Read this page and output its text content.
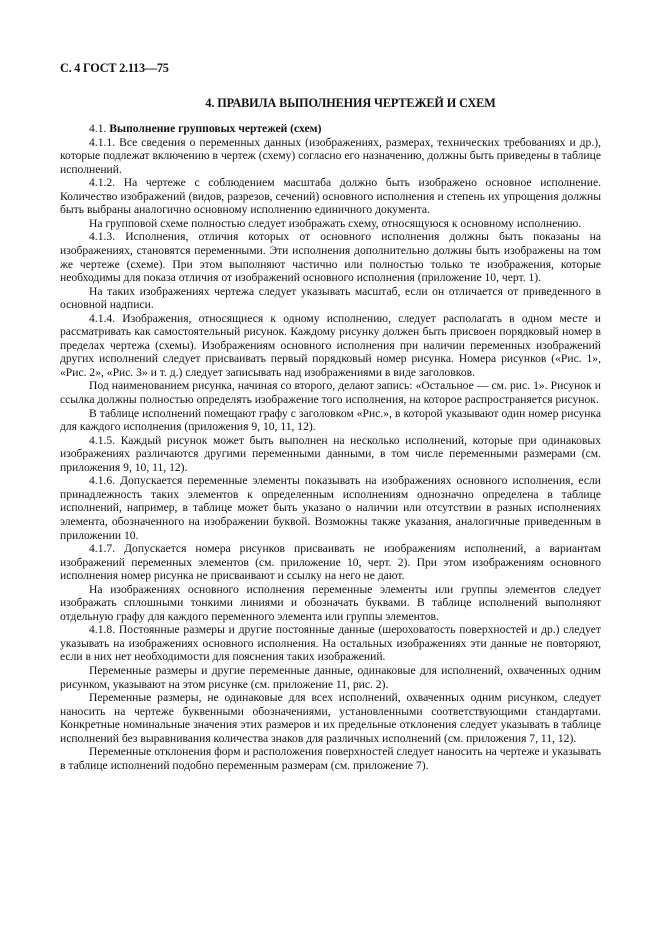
С. 4 ГОСТ 2.113—75
4. ПРАВИЛА ВЫПОЛНЕНИЯ ЧЕРТЕЖЕЙ И СХЕМ

4.1. Выполнение групповых чертежей (схем)

4.1.1. Все сведения о переменных данных (изображениях, размерах, технических требованиях и др.), которые подлежат включению в чертеж (схему) согласно его назначению, должны быть приведены в таблице исполнений.

4.1.2. На чертеже с соблюдением масштаба должно быть изображено основное исполнение. Количество изображений (видов, разрезов, сечений) основного исполнения и степень их упрощения должны быть выбраны аналогично основному исполнению единичного документа.

На групповой схеме полностью следует изображать схему, относящуюся к основному исполнению.

4.1.3. Исполнения, отличия которых от основного исполнения должны быть показаны на изображениях, становятся переменными. Эти исполнения дополнительно должны быть изображены на том же чертеже (схеме). При этом выполняют частично или полностью только те изображения, которые необходимы для показа отличия от изображений основного исполнения (приложение 10, черт. 1).

На таких изображениях чертежа следует указывать масштаб, если он отличается от приведенного в основной надписи.

4.1.4. Изображения, относящиеся к одному исполнению, следует располагать в одном месте и рассматривать как самостоятельный рисунок. Каждому рисунку должен быть присвоен порядковый номер в пределах чертежа (схемы). Изображениям основного исполнения при наличии переменных изображений других исполнений следует присваивать первый порядковый номер рисунка. Номера рисунков («Рис. 1», «Рис. 2», «Рис. 3» и т. д.) следует записывать над изображениями в виде заголовков.

Под наименованием рисунка, начиная со второго, делают запись: «Остальное — см. рис. 1». Рисунок и ссылка должны полностью определять изображение того исполнения, на которое распространяется рисунок.

В таблице исполнений помещают графу с заголовком «Рис.», в которой указывают один номер рисунка для каждого исполнения (приложения 9, 10, 11, 12).

4.1.5. Каждый рисунок может быть выполнен на несколько исполнений, которые при одинаковых изображениях различаются другими переменными данными, в том числе переменными размерами (см. приложения 9, 10, 11, 12).

4.1.6. Допускается переменные элементы показывать на изображениях основного исполнения, если принадлежность таких элементов к определенным исполнениям однозначно определена в таблице исполнений, например, в таблице может быть указано о наличии или отсутствии в разных исполнениях элемента, обозначенного на изображении буквой. Возможны также указания, аналогичные приведенным в приложении 10.

4.1.7. Допускается номера рисунков присваивать не изображениям исполнений, а вариантам изображений переменных элементов (см. приложение 10, черт. 2). При этом изображениям основного исполнения номер рисунка не присваивают и ссылку на него не дают.

На изображениях основного исполнения переменные элементы или группы элементов следует изображать сплошными тонкими линиями и обозначать буквами. В таблице исполнений выполняют отдельную графу для каждого переменного элемента или группы элементов.

4.1.8. Постоянные размеры и другие постоянные данные (шероховатость поверхностей и др.) следует указывать на изображениях основного исполнения. На остальных изображениях эти данные не повторяют, если в них нет необходимости для пояснения таких изображений.

Переменные размеры и другие переменные данные, одинаковые для исполнений, охваченных одним рисунком, указывают на этом рисунке (см. приложение 11, рис. 2).

Переменные размеры, не одинаковые для всех исполнений, охваченных одним рисунком, следует наносить на чертеже буквенными обозначениями, установленными соответствующими стандартами. Конкретные номинальные значения этих размеров и их предельные отклонения следует указывать в таблице исполнений без выравнивания количества знаков для различных исполнений (см. приложения 7, 11, 12).

Переменные отклонения форм и расположения поверхностей следует наносить на чертеже и указывать в таблице исполнений подобно переменным размерам (см. приложение 7).
